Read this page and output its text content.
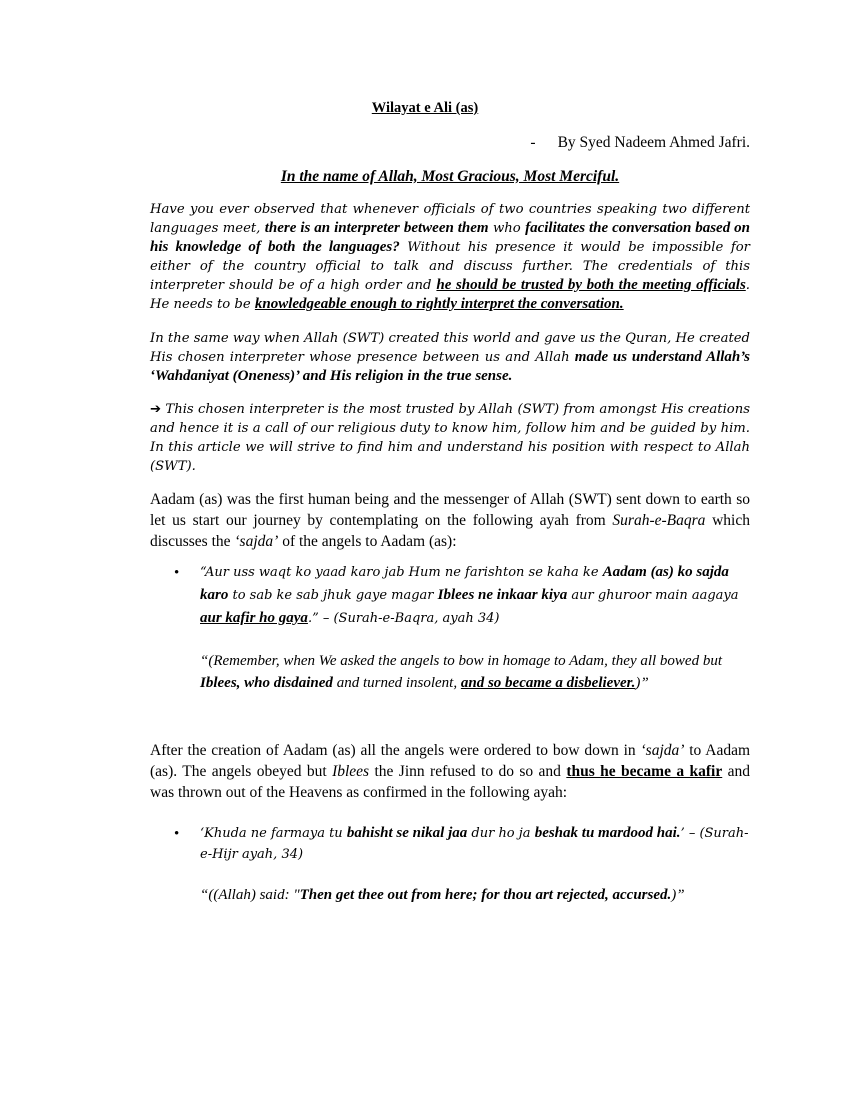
Wilayat e Ali (as)
- By Syed Nadeem Ahmed Jafri.
In the name of Allah, Most Gracious, Most Merciful.

Have you ever observed that whenever officials of two countries speaking two different languages meet, there is an interpreter between them who facilitates the conversation based on his knowledge of both the languages? Without his presence it would be impossible for either of the country official to talk and discuss further. The credentials of this interpreter should be of a high order and he should be trusted by both the meeting officials. He needs to be knowledgeable enough to rightly interpret the conversation.

In the same way when Allah (SWT) created this world and gave us the Quran, He created His chosen interpreter whose presence between us and Allah made us understand Allah’s ‘Wahdaniyat (Oneness)’ and His religion in the true sense.

➔ This chosen interpreter is the most trusted by Allah (SWT) from amongst His creations and hence it is a call of our religious duty to know him, follow him and be guided by him. In this article we will strive to find him and understand his position with respect to Allah (SWT).

Aadam (as) was the first human being and the messenger of Allah (SWT) sent down to earth so let us start our journey by contemplating on the following ayah from Surah-e-Baqra which discusses the ‘sajda’ of the angels to Aadam (as):

• “Aur uss waqt ko yaad karo jab Hum ne farishton se kaha ke Aadam (as) ko sajda karo to sab ke sab jhuk gaye magar Iblees ne inkaar kiya aur ghuroor main aagaya aur kafir ho gaya.” – (Surah-e-Baqra, ayah 34)

“(Remember, when We asked the angels to bow in homage to Adam, they all bowed but Iblees, who disdained and turned insolent, and so became a disbeliever.)”

After the creation of Aadam (as) all the angels were ordered to bow down in ‘sajda’ to Aadam (as). The angels obeyed but Iblees the Jinn refused to do so and thus he became a kafir and was thrown out of the Heavens as confirmed in the following ayah:

• ‘Khuda ne farmaya tu bahisht se nikal jaa dur ho ja beshak tu mardood hai.’ – (Surah-e-Hijr ayah, 34)

“((Allah) said: "Then get thee out from here; for thou art rejected, accursed.)”
